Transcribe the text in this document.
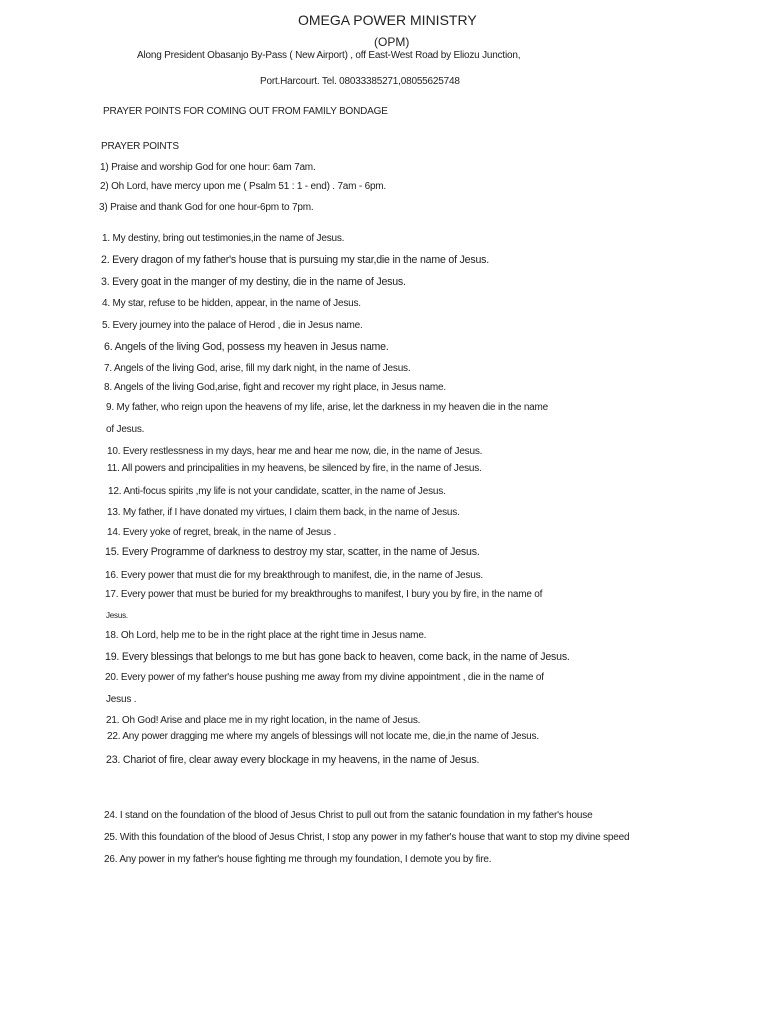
OMEGA POWER MINISTRY
(OPM)
Along President Obasanjo By-Pass ( New Airport) , off East-West Road by Eliozu Junction,
Port.Harcourt. Tel. 08033385271,08055625748
PRAYER POINTS FOR COMING OUT FROM FAMILY BONDAGE
PRAYER POINTS
1) Praise and worship God for one hour: 6am 7am.
2) Oh Lord, have mercy upon me ( Psalm 51 : 1 - end) . 7am - 6pm.
3) Praise and thank God for one hour-6pm to 7pm.
1. My destiny, bring out testimonies,in the name of Jesus.
2. Every dragon of my father's house that is pursuing my star,die in the name of Jesus.
3. Every goat in the manger of my destiny, die in the name of Jesus.
4. My star, refuse to be hidden, appear, in the name of Jesus.
5. Every journey into the palace of Herod , die in Jesus name.
6. Angels of the living God, possess my heaven in Jesus name.
7. Angels of the living God, arise, fill my dark night, in the name of Jesus.
8. Angels of the living God,arise, fight and recover my right place, in Jesus name.
9. My father, who reign upon the heavens of my life, arise, let the darkness in my heaven die in the name
of Jesus.
10. Every restlessness in my days, hear me and hear me now, die, in the name of Jesus.
11. All powers and principalities in my heavens, be silenced by fire, in the name of Jesus.
12. Anti-focus spirits ,my life is not your candidate, scatter, in the name of Jesus.
13. My father, if I have donated my virtues, I claim them back, in the name of Jesus.
14. Every yoke of regret, break, in the name of Jesus .
15. Every Programme of darkness to destroy my star, scatter, in the name of Jesus.
16. Every power that must die for my breakthrough to manifest, die, in the name of Jesus.
17. Every power that must be buried for my breakthroughs to manifest, I bury you by fire, in the name of
Jesus.
18. Oh Lord, help me to be in the right place at the right time in Jesus name.
19. Every blessings that belongs to me but has gone back to heaven, come back, in the name of Jesus.
20. Every power of my father's house pushing me away from my divine appointment , die in the name of
Jesus .
21. Oh God! Arise and place me in my right location, in the name of Jesus.
22. Any power dragging me where my angels of blessings will not locate me, die,in the name of Jesus.
23. Chariot of fire, clear away every blockage in my heavens, in the name of Jesus.
24. I stand on the foundation of the blood of Jesus Christ to pull out from the satanic foundation in my father's house
25. With this foundation of the blood of Jesus Christ, I stop any power in my father's house that want to stop my divine speed
26. Any power in my father's house fighting me through my foundation, I demote you by fire.
